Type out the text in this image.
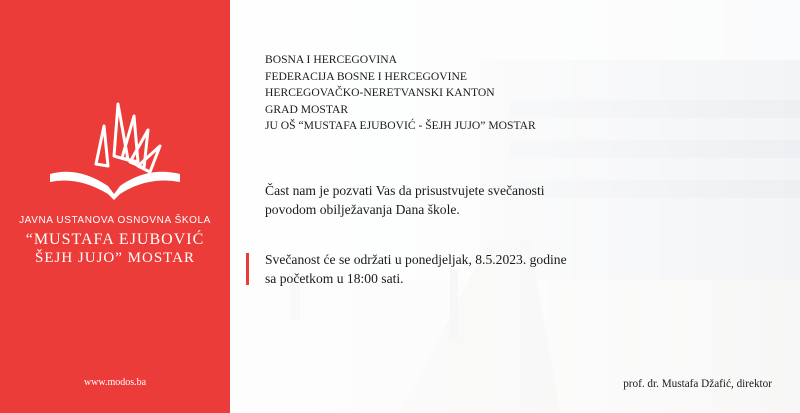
JAVNA USTANOVA OSNOVNA ŠKOLA
“MUSTAFA EJUBOVIĆ
ŠEJH JUJO” MOSTAR
www.modos.ba
BOSNA I HERCEGOVINA
FEDERACIJA BOSNE I HERCEGOVINE
HERCEGOVAČKO-NERETVANSKI KANTON
GRAD MOSTAR
JU OŠ “MUSTAFA EJUBOVIĆ - ŠEJH JUJO” MOSTAR
Čast nam je pozvati Vas da prisustvujete svečanosti
povodom obilježavanja Dana škole.
Svečanost će se održati u ponedjeljak, 8.5.2023. godine
sa početkom u 18:00 sati.
prof. dr. Mustafa Džafić, direktor
